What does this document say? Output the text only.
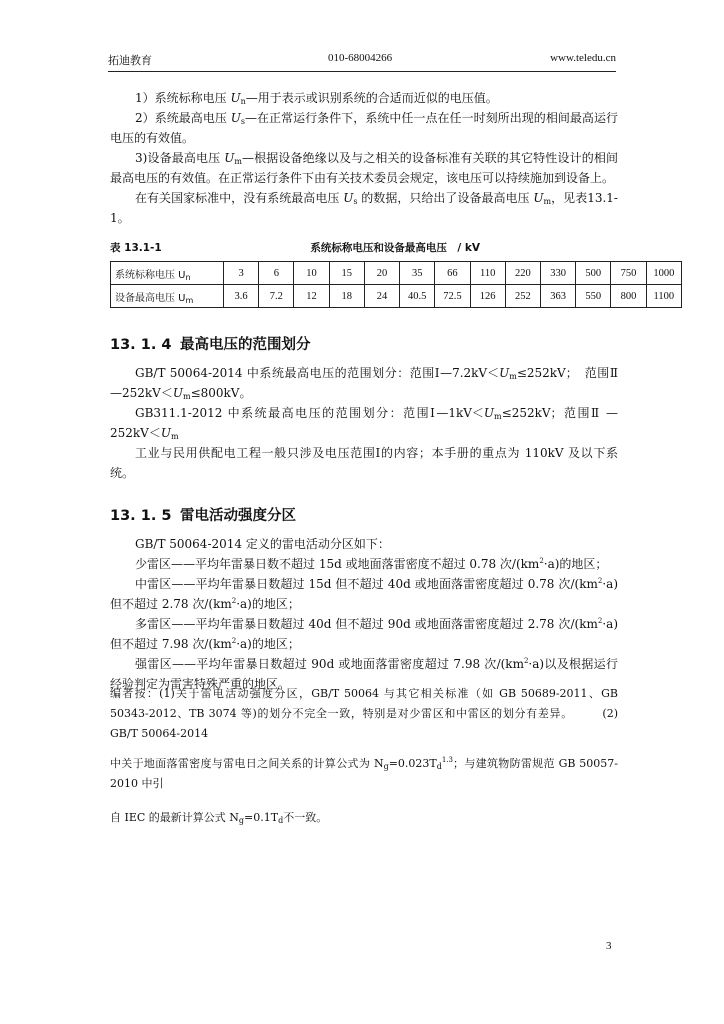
拓迪教育	010-68004266	www.teledu.cn

1）系统标称电压 $U_n—$用于表示或识别系统的合适而近似的电压值。

2）系统最高电压 $U_s—$在正常运行条件下，系统中任一点在任一时刻所出现的相间最高运行电压的有效值。

3)设备最高电压 $U_m—$根据设备绝缘以及与之相关的设备标准有关联的其它特性设计的相间最高电压的有效值。在正常运行条件下由有关技术委员会规定，该电压可以持续施加到设备上。

在有关国家标准中，没有系统最高电压 $U_s$ 的数据，只给出了设备最高电压 $U_m$，见表13.1-1。

表 13.1-1	系统标称电压和设备最高电压　/ kV
系统标称电压 $U_n$	3	6	10	15	20	35	66	110	220	330	500	750	1000
设备最高电压 $U_m$	3.6	7.2	12	18	24	40.5	72.5	126	252	363	550	800	1100
13. 1. 4 最高电压的范围划分

GB/T 50064-2014 中系统最高电压的范围划分：范围$Ⅰ—7.2kV<U_m\le 252kV$；　范围$Ⅱ—252kV<U_m\le 800kV$。

GB311.1-2012 中系统最高电压的范围划分：范围$Ⅰ—1kV<U_m\le 252kV$；范围Ⅱ $—252kV<U_m$

工业与民用供配电工程一般只涉及电压范围Ⅰ的内容；本手册的重点为 110kV 及以下系统。

13. 1. 5 雷电活动强度分区

GB/T 50064-2014 定义的雷电活动分区如下：

少雷区——平均年雷暴日数不超过 15d 或地面落雷密度不超过 0.78 次$/(km^2\cdot a)$的地区；

中雷区——平均年雷暴日数超过 15d 但不超过 40d 或地面落雷密度超过 0.78 次$/(km^2\cdot a)$但不超过 2.78 次$/(km^2\cdot a)$的地区；

多雷区——平均年雷暴日数超过 40d 但不超过 90d 或地面落雷密度超过 2.78 次$/(km^2\cdot a)$但不超过 7.98 次$/(km^2\cdot a)$的地区；

强雷区——平均年雷暴日数超过 90d 或地面落雷密度超过 7.98 次$/(km^2\cdot a)$以及根据运行经验判定为雷害特殊严重的地区。

编者按：(1)关于雷电活动强度分区，GB/T 50064 与其它相关标准（如 GB 50689-2011、GB 50343-2012、TB 3074 等)的划分不完全一致，特别是对少雷区和中雷区的划分有差异。　　　(2) GB/T 50064-2014

中关于地面落雷密度与雷电日之间关系的计算公式为 $N_g=0.023T_d^{1.3}$；与建筑物防雷规范 GB 50057-2010 中引

自 IEC 的最新计算公式 $N_g=0.1T_d$不一致。

3
